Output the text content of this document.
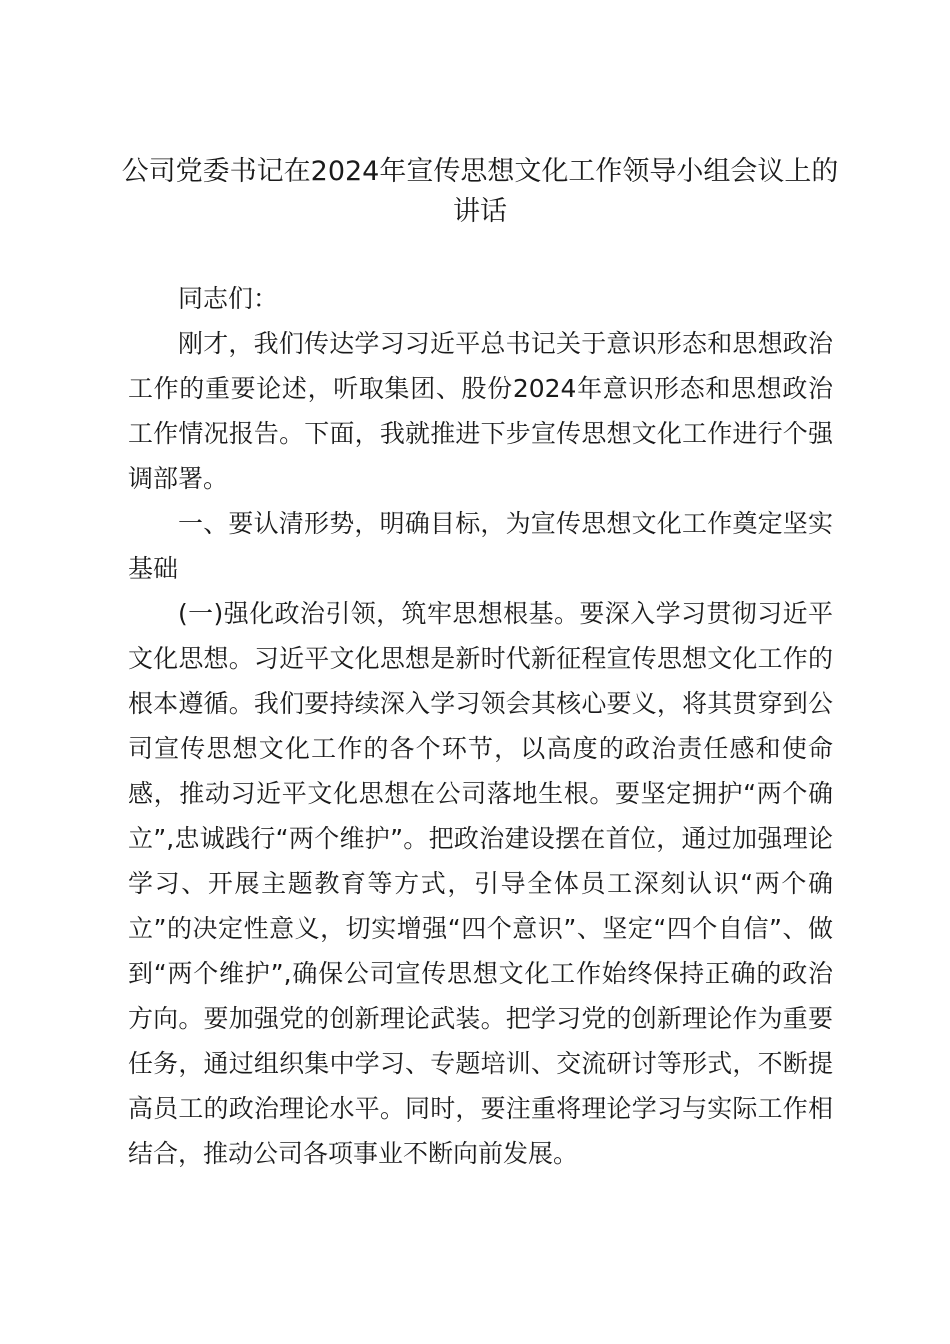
公司党委书记在2024年宣传思想文化工作领导小组会议上的讲话

同志们：

刚才，我们传达学习习近平总书记关于意识形态和思想政治工作的重要论述，听取集团、股份2024年意识形态和思想政治工作情况报告。下面，我就推进下步宣传思想文化工作进行个强调部署。

一、要认清形势，明确目标，为宣传思想文化工作奠定坚实基础

(一)强化政治引领，筑牢思想根基。要深入学习贯彻习近平文化思想。习近平文化思想是新时代新征程宣传思想文化工作的根本遵循。我们要持续深入学习领会其核心要义，将其贯穿到公司宣传思想文化工作的各个环节，以高度的政治责任感和使命感，推动习近平文化思想在公司落地生根。要坚定拥护“两个确立”,忠诚践行“两个维护”。把政治建设摆在首位，通过加强理论学习、开展主题教育等方式，引导全体员工深刻认识“两个确立”的决定性意义，切实增强“四个意识”、坚定“四个自信”、做到“两个维护”,确保公司宣传思想文化工作始终保持正确的政治方向。要加强党的创新理论武装。把学习党的创新理论作为重要任务，通过组织集中学习、专题培训、交流研讨等形式，不断提高员工的政治理论水平。同时，要注重将理论学习与实际工作相结合，推动公司各项事业不断向前发展。
